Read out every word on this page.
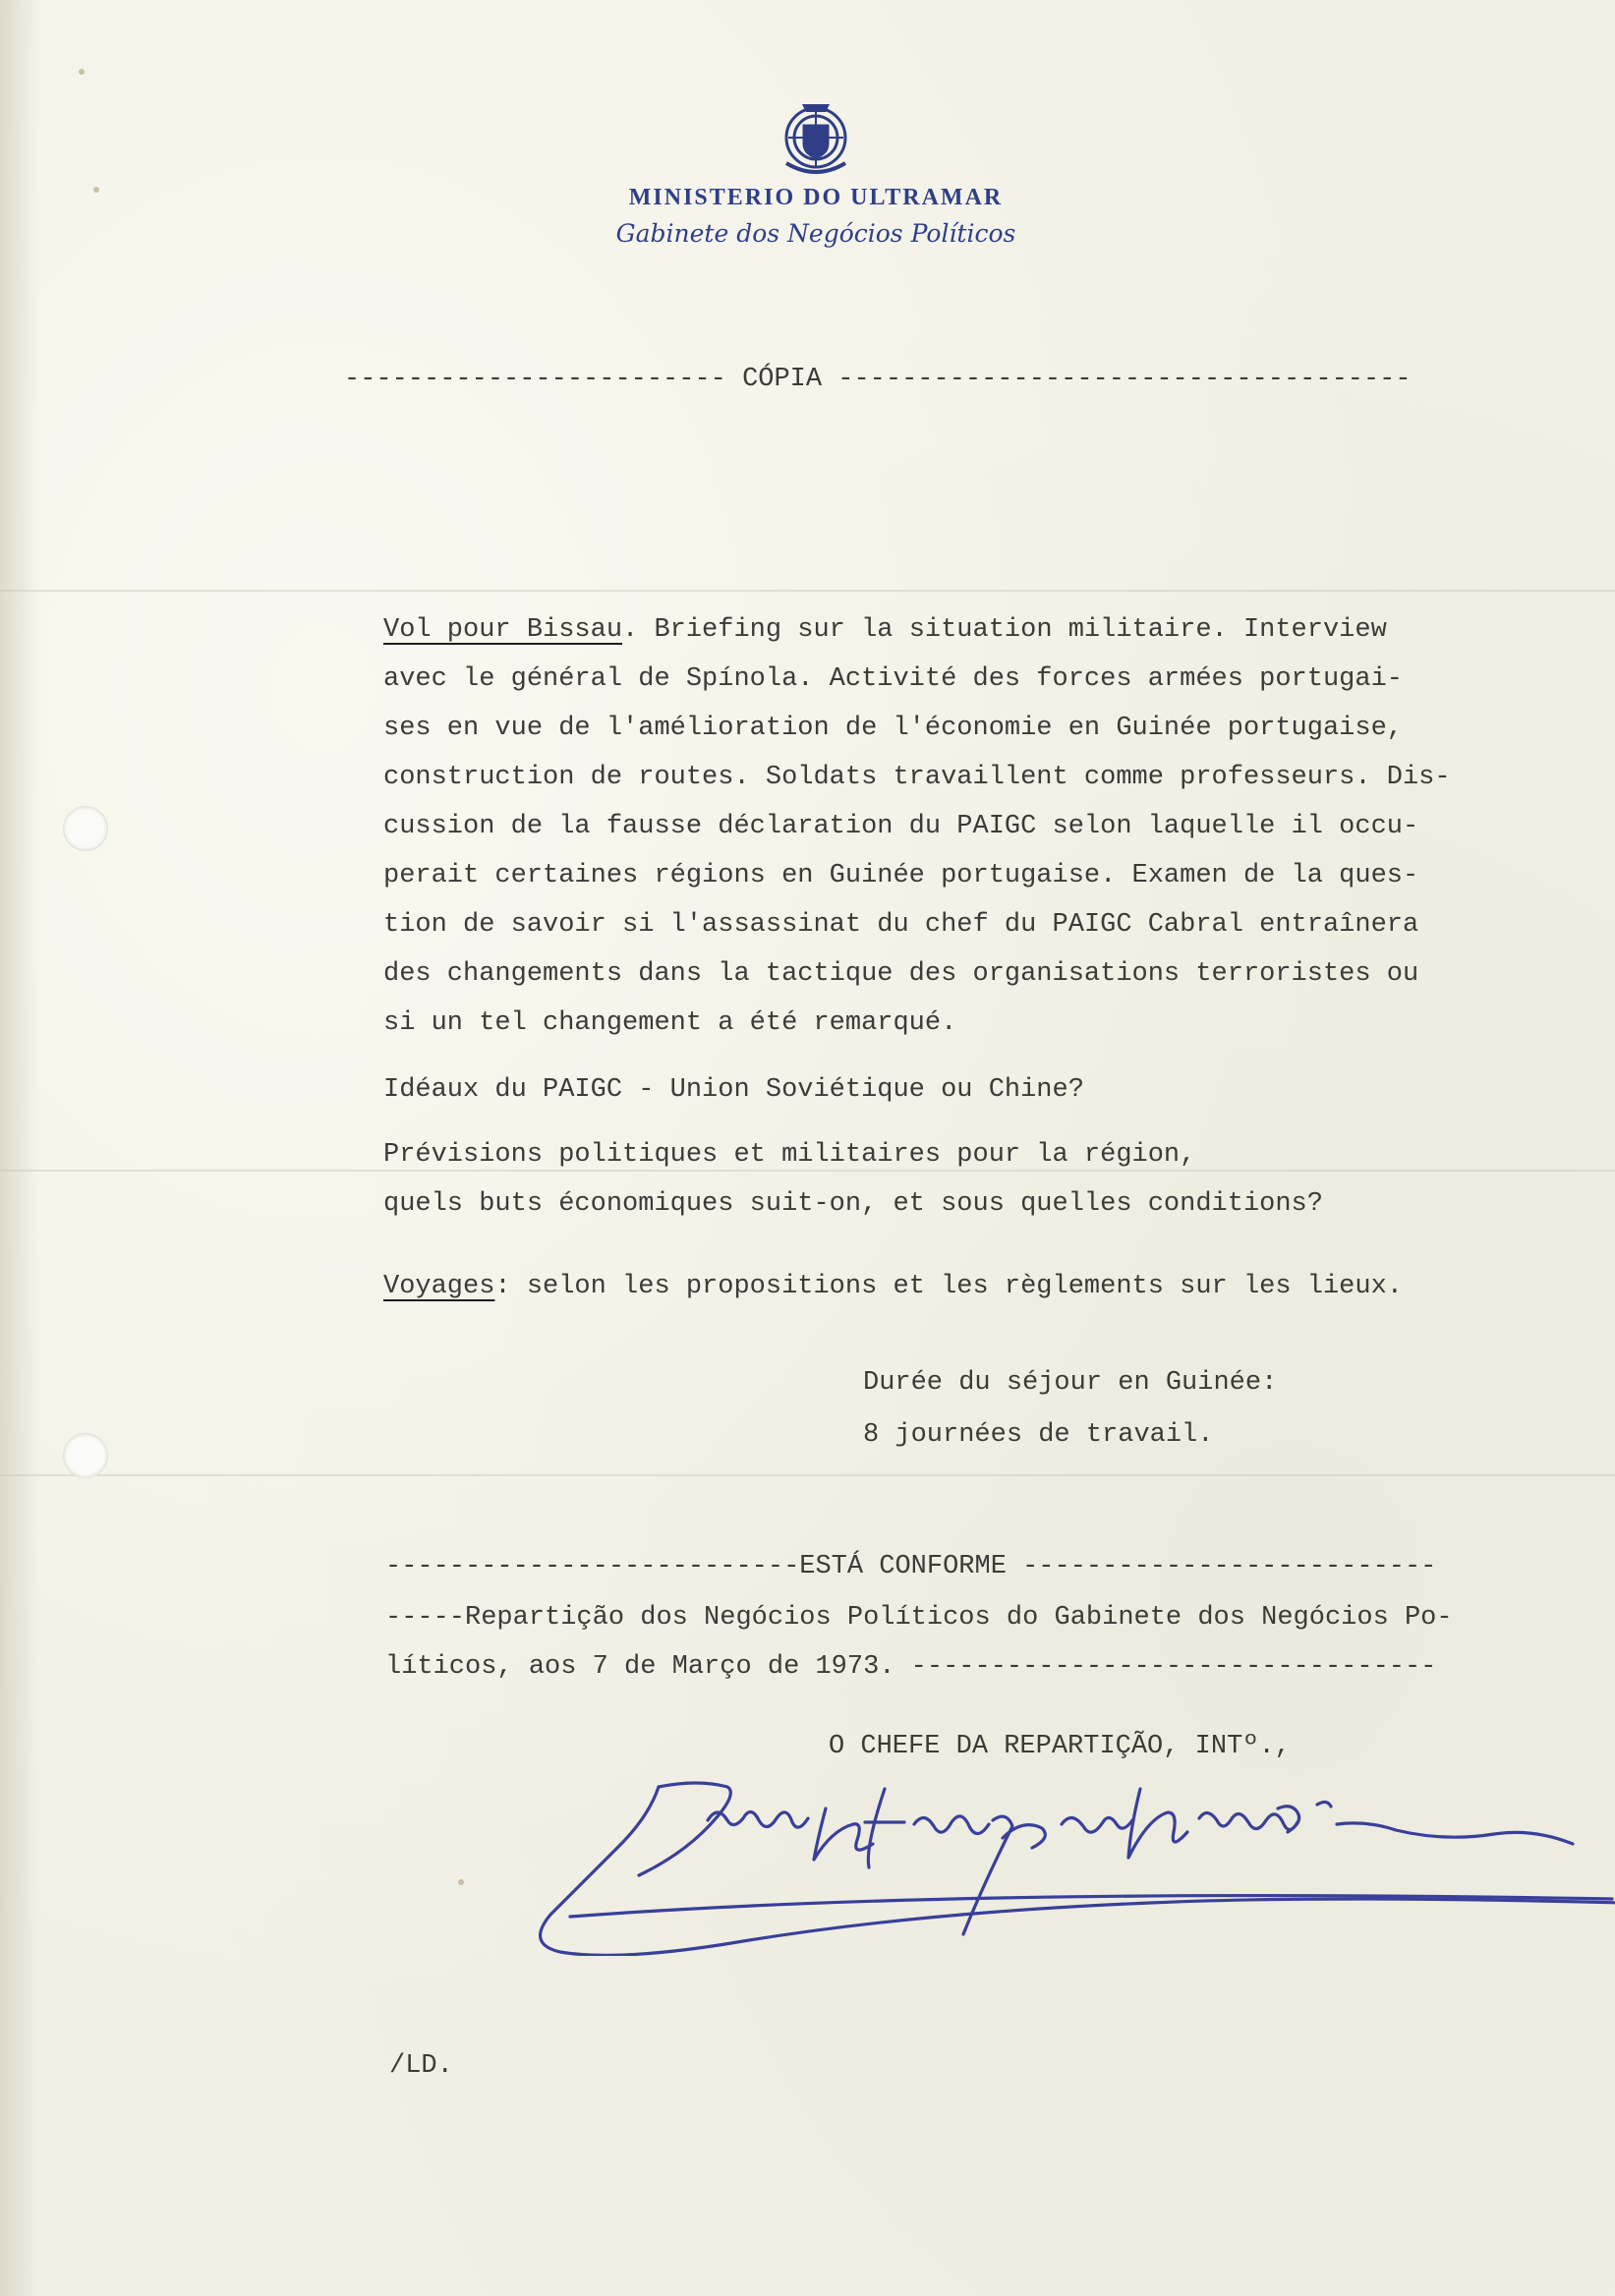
MINISTERIO DO ULTRAMAR
Gabinete dos Negócios Políticos
------------------------ CÓPIA ------------------------------------
Vol pour Bissau. Briefing sur la situation militaire. Interview
avec le général de Spínola. Activité des forces armées portugai-
ses en vue de l'amélioration de l'économie en Guinée portugaise,
construction de routes. Soldats travaillent comme professeurs. Dis-
cussion de la fausse déclaration du PAIGC selon laquelle il occu-
perait certaines régions en Guinée portugaise. Examen de la ques-
tion de savoir si l'assassinat du chef du PAIGC Cabral entraînera
des changements dans la tactique des organisations terroristes ou
si un tel changement a été remarqué.
Idéaux du PAIGC - Union Soviétique ou Chine?
Prévisions politiques et militaires pour la région,
quels buts économiques suit-on, et sous quelles conditions?
Voyages: selon les propositions et les règlements sur les lieux.
Durée du séjour en Guinée:
8 journées de travail.
--------------------------ESTÁ CONFORME --------------------------
-----Repartição dos Negócios Políticos do Gabinete dos Negócios Po-
líticos, aos 7 de Março de 1973. ---------------------------------
O CHEFE DA REPARTIÇÃO, INTº.,
/LD.
